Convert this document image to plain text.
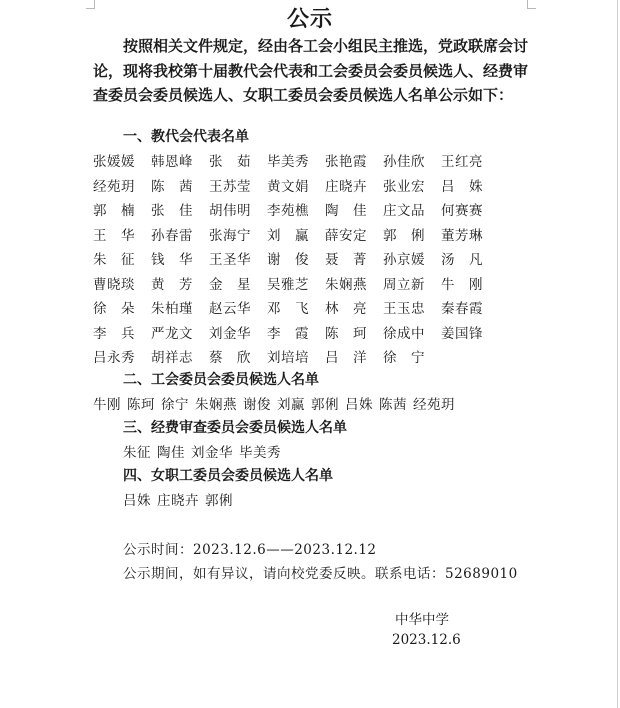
公示

按照相关文件规定，经由各工会小组民主推选，党政联席会讨论，现将我校第十届教代会代表和工会委员会委员候选人、经费审查委员会委员候选人、女职工委员会委员候选人名单公示如下：

一、教代会代表名单
张媛媛	韩恩峰	张　茹	毕美秀	张艳霞	孙佳欣	王红亮
经苑玥	陈　茜	王苏莹	黄文娟	庄晓卉	张业宏	吕　姝
郭　楠	张　佳	胡伟明	李苑樵	陶　佳	庄文品	何赛赛
王　华	孙春雷	张海宁	刘　赢	薛安定	郭　俐	董芳琳
朱　征	钱　华	王圣华	谢　俊	聂　菁	孙京媛	汤　凡
曹晓琰	黄　芳	金　星	吴雅芝	朱娴燕	周立新	牛　刚
徐　朵	朱柏瑾	赵云华	邓　飞	林　亮	王玉忠	秦春霞
李　兵	严龙文	刘金华	李　霞	陈　珂	徐成中	姜国锋
吕永秀	胡祥志	蔡　欣	刘培培	吕　洋	徐　宁
二、工会委员会委员候选人名单
牛刚 陈珂 徐宁 朱娴燕 谢俊 刘赢 郭俐 吕姝 陈茜 经苑玥
三、经费审查委员会委员候选人名单
朱征 陶佳 刘金华 毕美秀
四、女职工委员会委员候选人名单
吕姝 庄晓卉 郭俐
公示时间：2023.12.6——2023.12.12
公示期间，如有异议，请向校党委反映。联系电话：52689010
中华中学
2023.12.6
